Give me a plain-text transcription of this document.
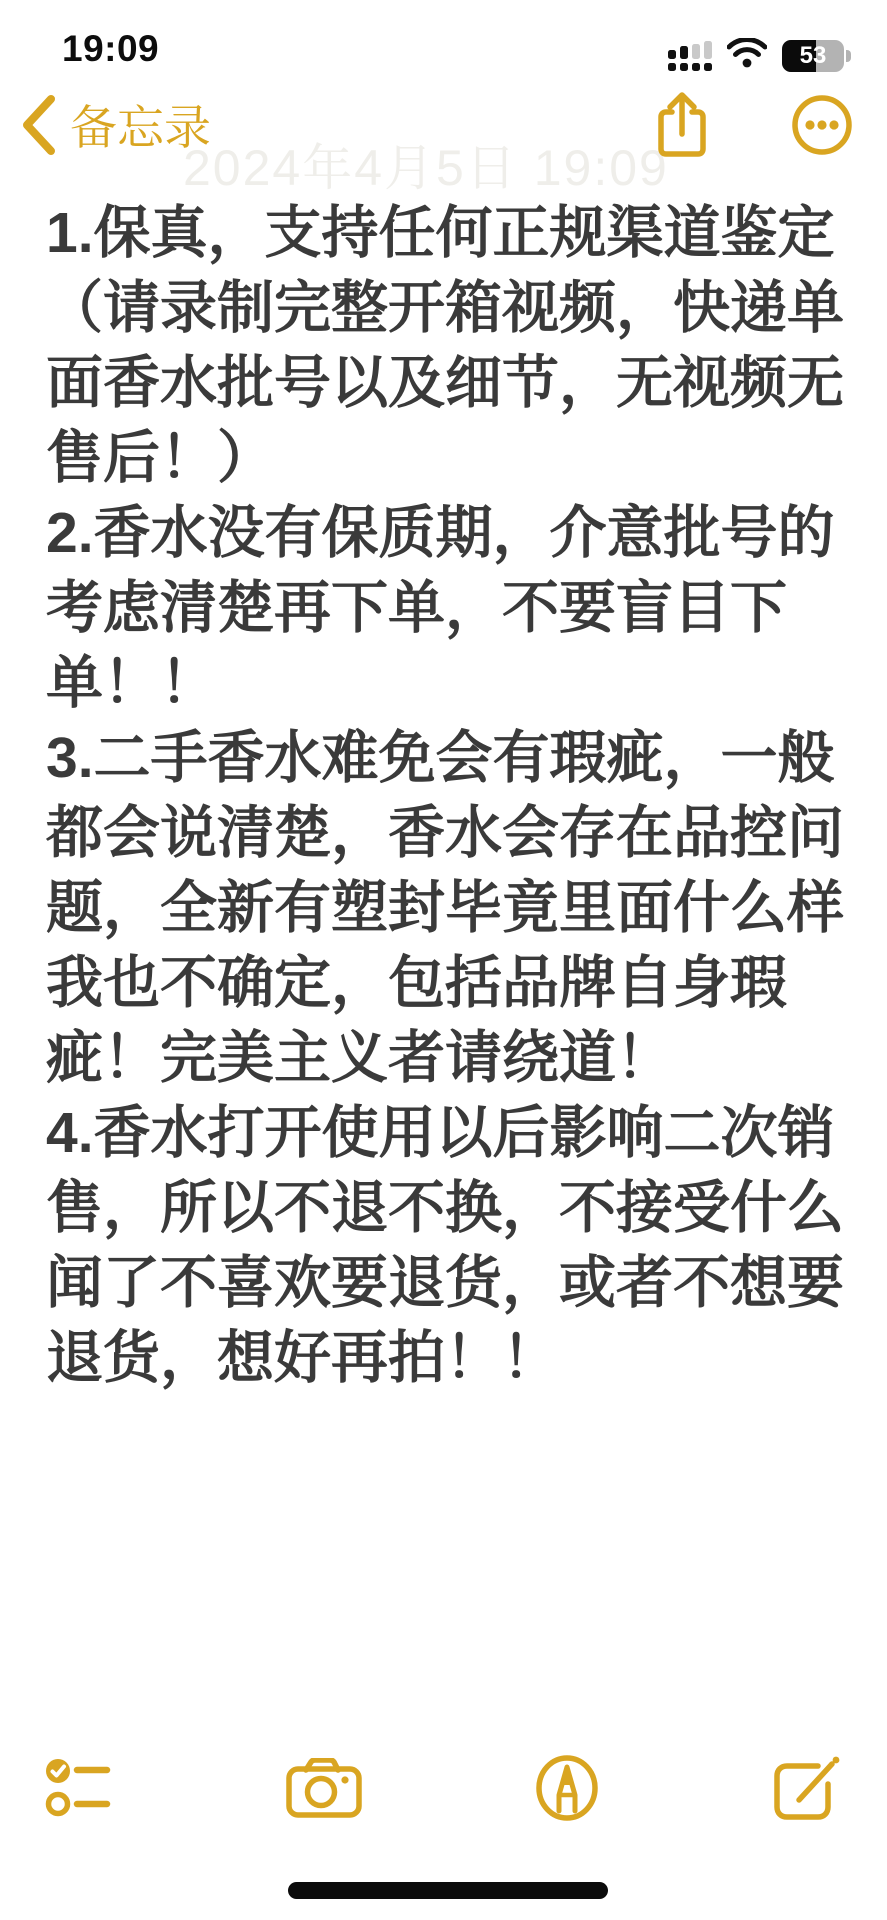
19:09	53
2024年4月5日 19:09
备忘录
1.保真，支持任何正规渠道鉴定
（请录制完整开箱视频，快递单
面香水批号以及细节，无视频无
售后！）
2.香水没有保质期，介意批号的
考虑清楚再下单，不要盲目下
单！！
3.二手香水难免会有瑕疵，一般
都会说清楚，香水会存在品控问
题，全新有塑封毕竟里面什么样
我也不确定，包括品牌自身瑕
疵！完美主义者请绕道！
4.香水打开使用以后影响二次销
售，所以不退不换，不接受什么
闻了不喜欢要退货，或者不想要
退货，想好再拍！！
